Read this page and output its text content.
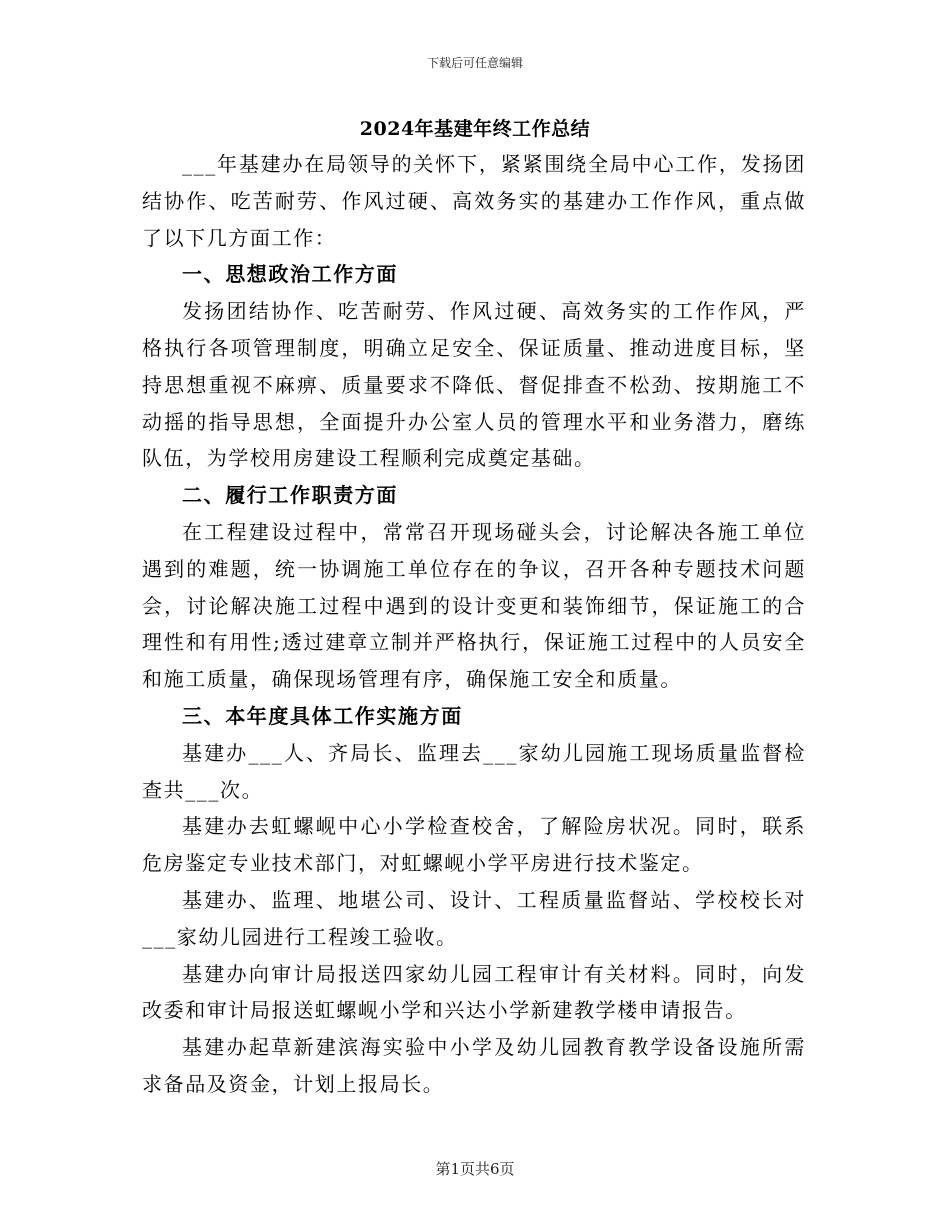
下载后可任意编辑
2024年基建年终工作总结

___年基建办在局领导的关怀下，紧紧围绕全局中心工作，发扬团结协作、吃苦耐劳、作风过硬、高效务实的基建办工作作风，重点做了以下几方面工作：

一、思想政治工作方面

发扬团结协作、吃苦耐劳、作风过硬、高效务实的工作作风，严格执行各项管理制度，明确立足安全、保证质量、推动进度目标，坚持思想重视不麻痹、质量要求不降低、督促排查不松劲、按期施工不动摇的指导思想，全面提升办公室人员的管理水平和业务潜力，磨练队伍，为学校用房建设工程顺利完成奠定基础。

二、履行工作职责方面

在工程建设过程中，常常召开现场碰头会，讨论解决各施工单位遇到的难题，统一协调施工单位存在的争议，召开各种专题技术问题会，讨论解决施工过程中遇到的设计变更和装饰细节，保证施工的合理性和有用性;透过建章立制并严格执行，保证施工过程中的人员安全和施工质量，确保现场管理有序，确保施工安全和质量。

三、本年度具体工作实施方面

基建办___人、齐局长、监理去___家幼儿园施工现场质量监督检查共___次。

基建办去虹螺岘中心小学检查校舍，了解险房状况。同时，联系危房鉴定专业技术部门，对虹螺岘小学平房进行技术鉴定。

基建办、监理、地堪公司、设计、工程质量监督站、学校校长对___家幼儿园进行工程竣工验收。

基建办向审计局报送四家幼儿园工程审计有关材料。同时，向发改委和审计局报送虹螺岘小学和兴达小学新建教学楼申请报告。

基建办起草新建滨海实验中小学及幼儿园教育教学设备设施所需求备品及资金，计划上报局长。

第1页共6页
